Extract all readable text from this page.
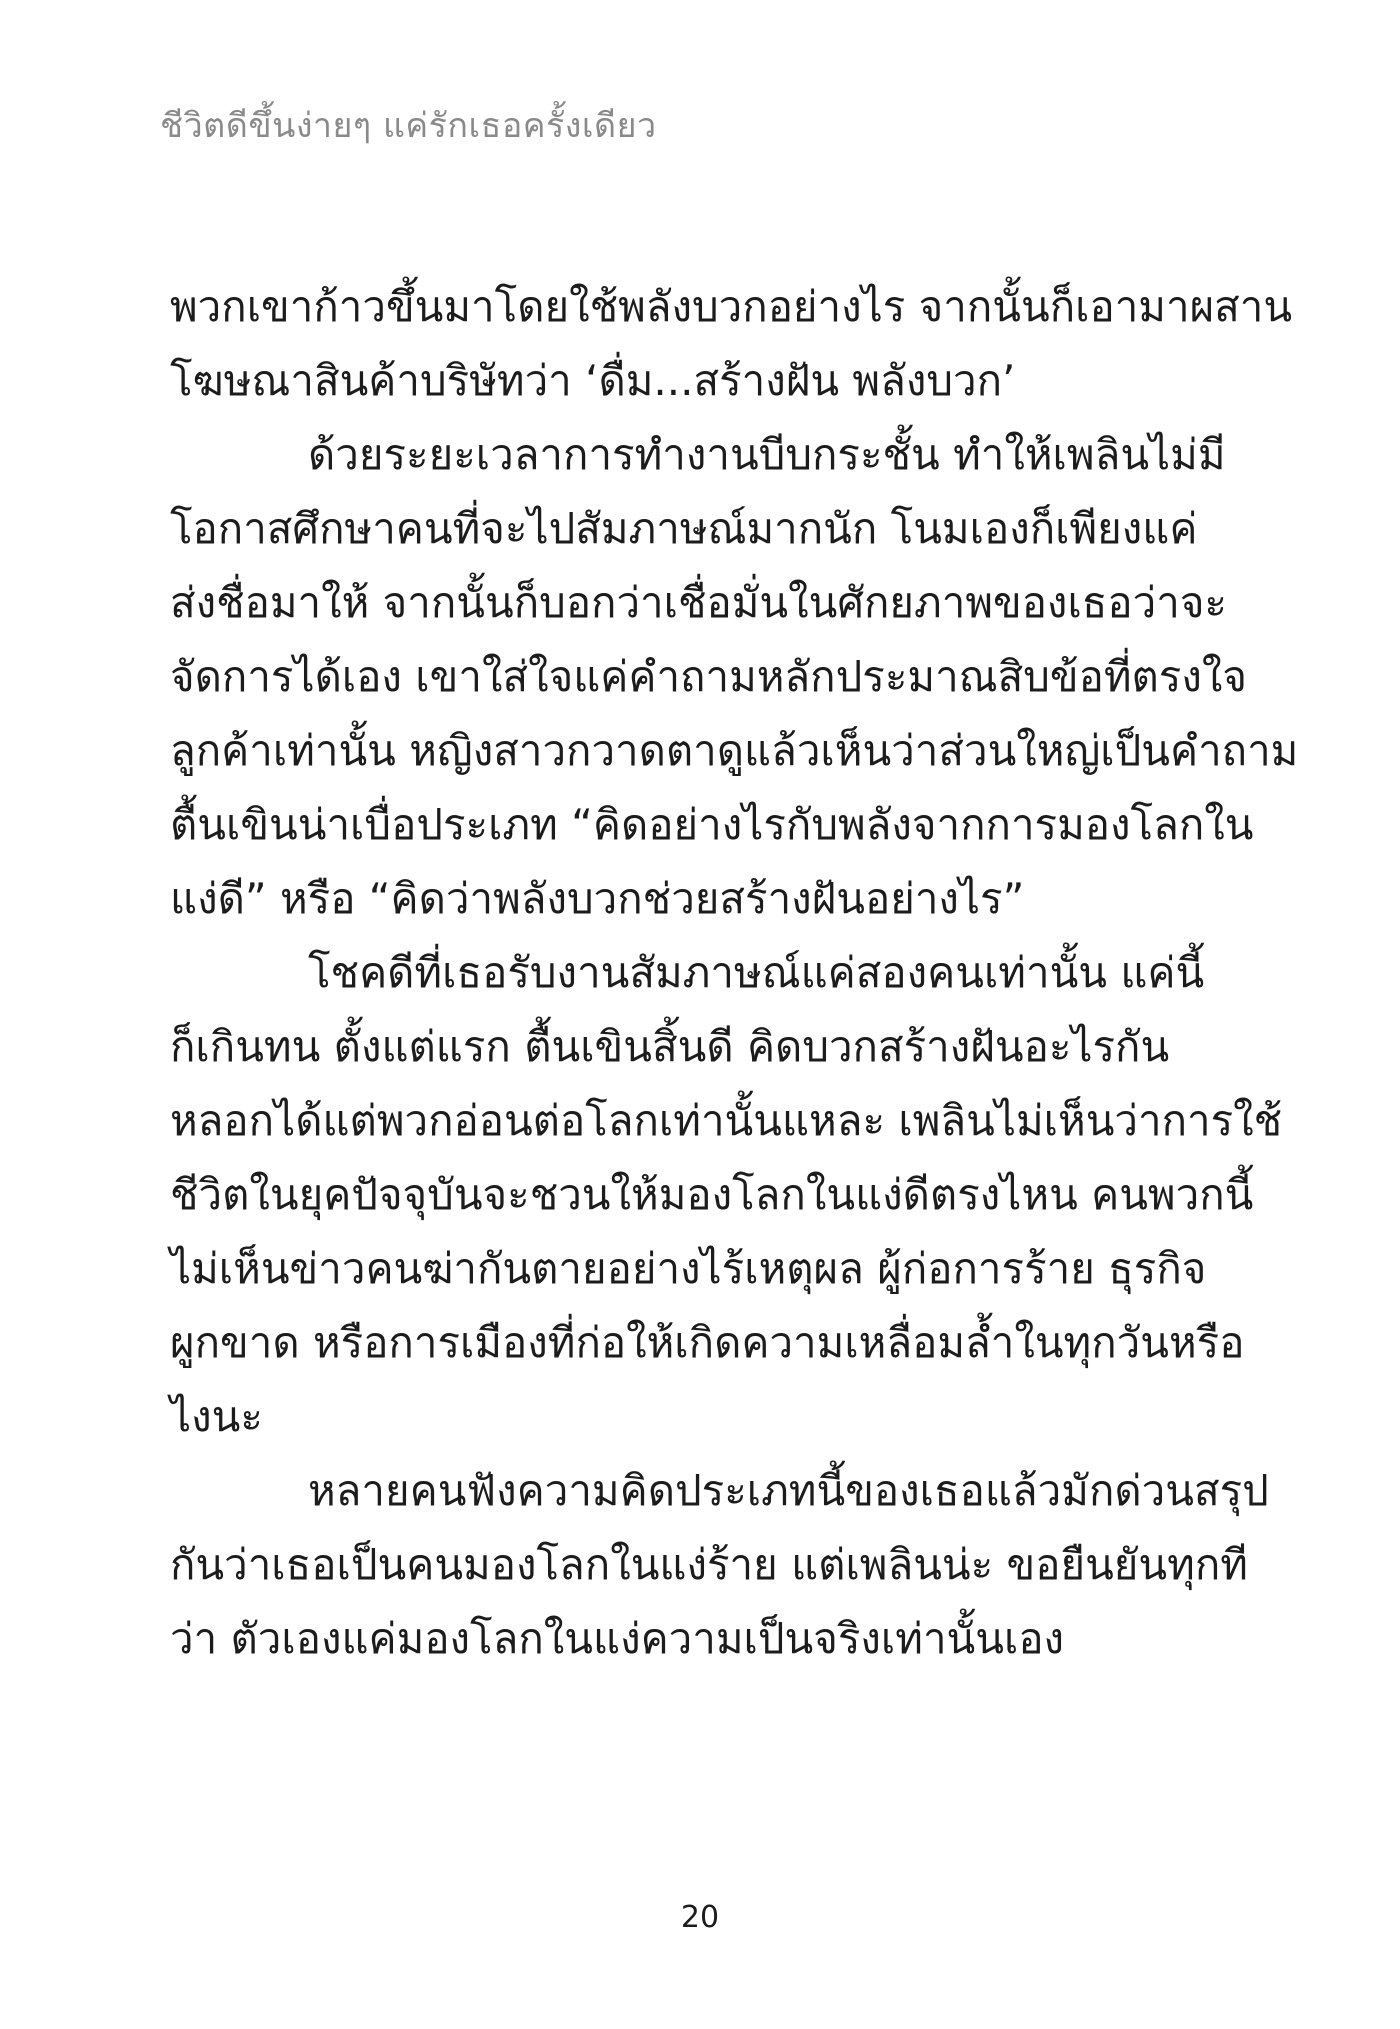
ชีวิตดีขึ้นง่ายๆ แค่รักเธอครั้งเดียว
พวกเขาก้าวขึ้นมาโดยใช้พลังบวกอย่างไร จากนั้นก็เอามาผสาน
โฆษณาสินค้าบริษัทว่า ‘ดื่ม...สร้างฝัน พลังบวก’
ด้วยระยะเวลาการทำงานบีบกระชั้น ทำให้เพลินไม่มี
โอกาสศึกษาคนที่จะไปสัมภาษณ์มากนัก โนมเองก็เพียงแค่
ส่งชื่อมาให้ จากนั้นก็บอกว่าเชื่อมั่นในศักยภาพของเธอว่าจะ
จัดการได้เอง เขาใส่ใจแค่คำถามหลักประมาณสิบข้อที่ตรงใจ
ลูกค้าเท่านั้น หญิงสาวกวาดตาดูแล้วเห็นว่าส่วนใหญ่เป็นคำถาม
ตื้นเขินน่าเบื่อประเภท “คิดอย่างไรกับพลังจากการมองโลกใน
แง่ดี” หรือ “คิดว่าพลังบวกช่วยสร้างฝันอย่างไร”
โชคดีที่เธอรับงานสัมภาษณ์แค่สองคนเท่านั้น แค่นี้
ก็เกินทน ตั้งแต่แรก ตื้นเขินสิ้นดี คิดบวกสร้างฝันอะไรกัน
หลอกได้แต่พวกอ่อนต่อโลกเท่านั้นแหละ เพลินไม่เห็นว่าการใช้
ชีวิตในยุคปัจจุบันจะชวนให้มองโลกในแง่ดีตรงไหน คนพวกนี้
ไม่เห็นข่าวคนฆ่ากันตายอย่างไร้เหตุผล ผู้ก่อการร้าย ธุรกิจ
ผูกขาด หรือการเมืองที่ก่อให้เกิดความเหลื่อมล้ำในทุกวันหรือ
ไงนะ
หลายคนฟังความคิดประเภทนี้ของเธอแล้วมักด่วนสรุป
กันว่าเธอเป็นคนมองโลกในแง่ร้าย แต่เพลินน่ะ ขอยืนยันทุกที
ว่า ตัวเองแค่มองโลกในแง่ความเป็นจริงเท่านั้นเอง
20
